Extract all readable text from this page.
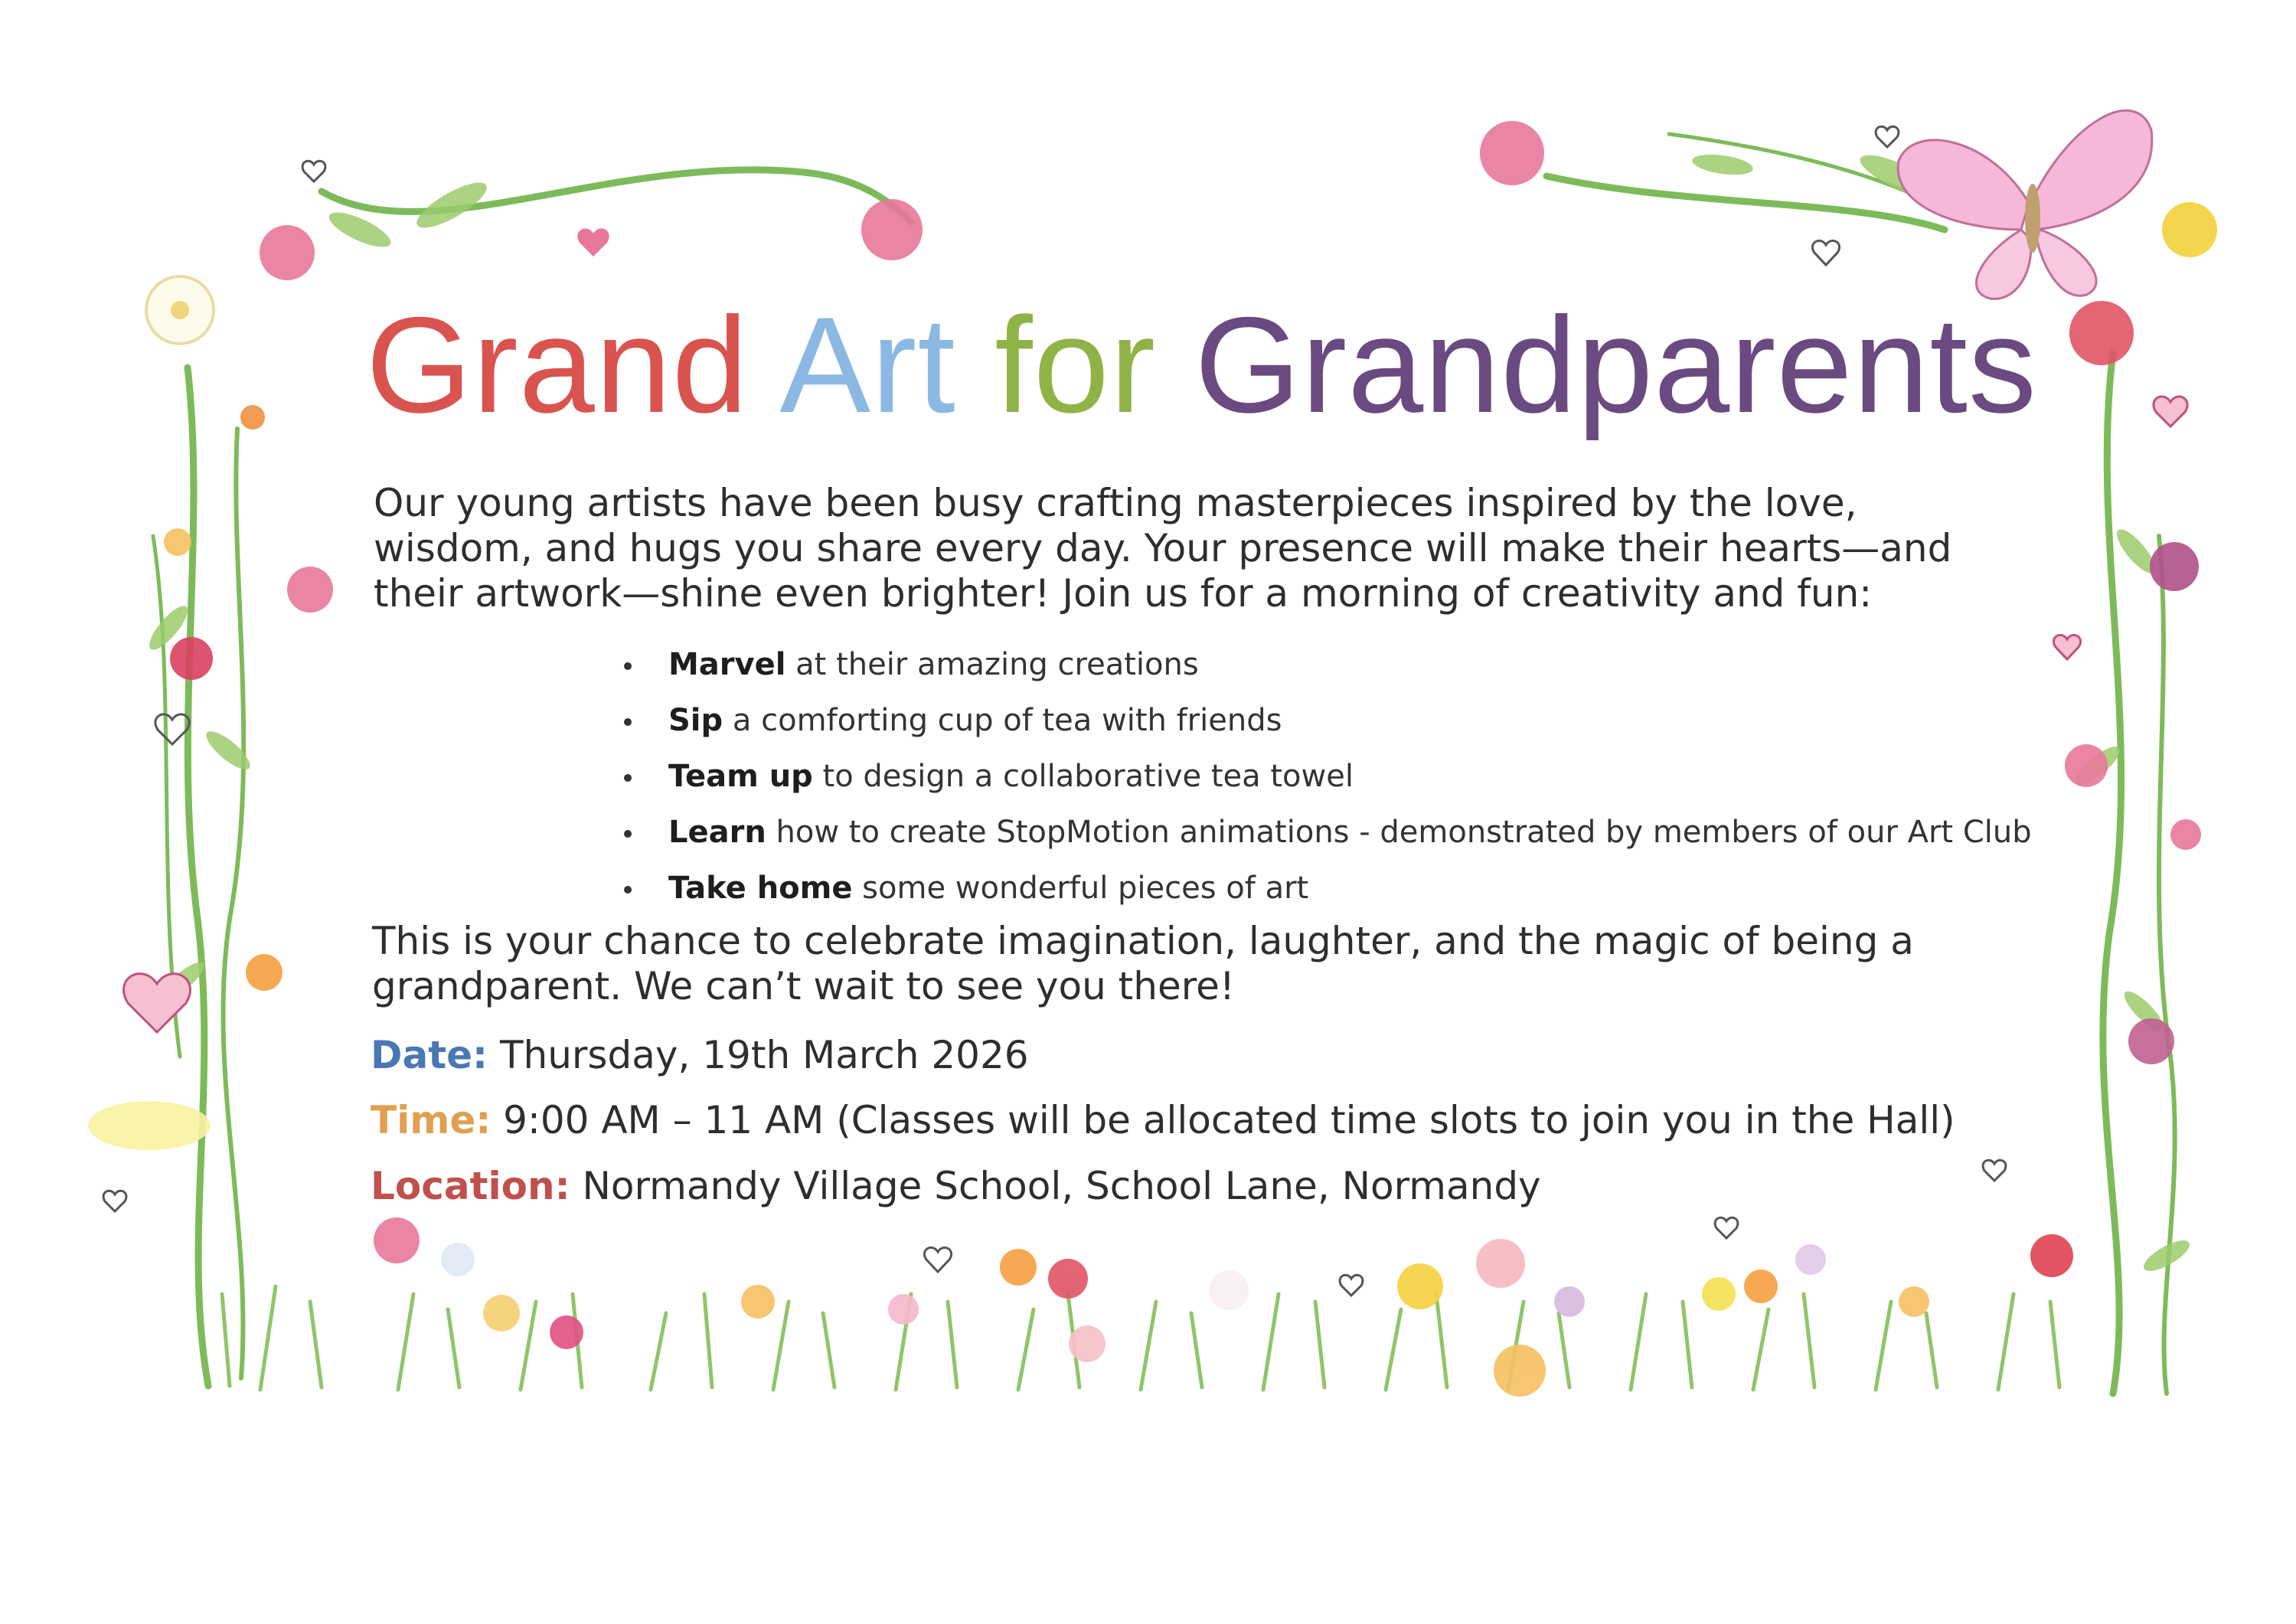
Grand Art for Grandparents

Our young artists have been busy crafting masterpieces inspired by the love, wisdom, and hugs you share every day. Your presence will make their hearts—and their artwork—shine even brighter! Join us for a morning of creativity and fun:

Marvel at their amazing creations
Sip a comforting cup of tea with friends
Team up to design a collaborative tea towel
Learn how to create StopMotion animations - demonstrated by members of our Art Club
Take home some wonderful pieces of art

This is your chance to celebrate imagination, laughter, and the magic of being a grandparent. We can’t wait to see you there!

Date: Thursday, 19th March 2026

Time: 9:00 AM – 11 AM (Classes will be allocated time slots to join you in the Hall)

Location: Normandy Village School, School Lane, Normandy
